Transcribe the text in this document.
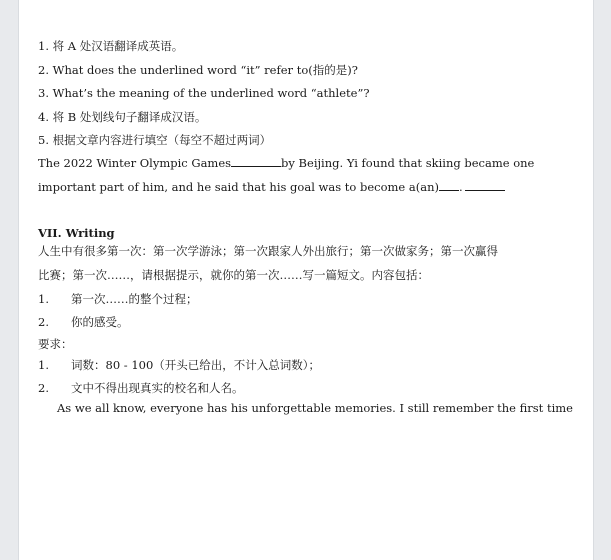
1. 将 A 处汉语翻译成英语。
2. What does the underlined word “it” refer to(指的是)?
3. What’s the meaning of the underlined word “athlete”?
4. 将 B 处划线句子翻译成汉语。
5. 根据文章内容进行填空（每空不超过两词）
The 2022 Winter Olympic Games	by Beijing. Yi found that skiing became one
important part of him, and he said that his goal was to become a(an) .
VII. Writing
人生中有很多第一次：第一次学游泳；第一次跟家人外出旅行；第一次做家务；第一次赢得
比赛；第一次……，请根据提示，就你的第一次……写一篇短文。内容包括：
1. 第一次……的整个过程；
2. 你的感受。
要求：
1. 词数：80 - 100（开头已给出，不计入总词数）；
2. 文中不得出现真实的校名和人名。
As we all know, everyone has his unforgettable memories. I still remember the first time
